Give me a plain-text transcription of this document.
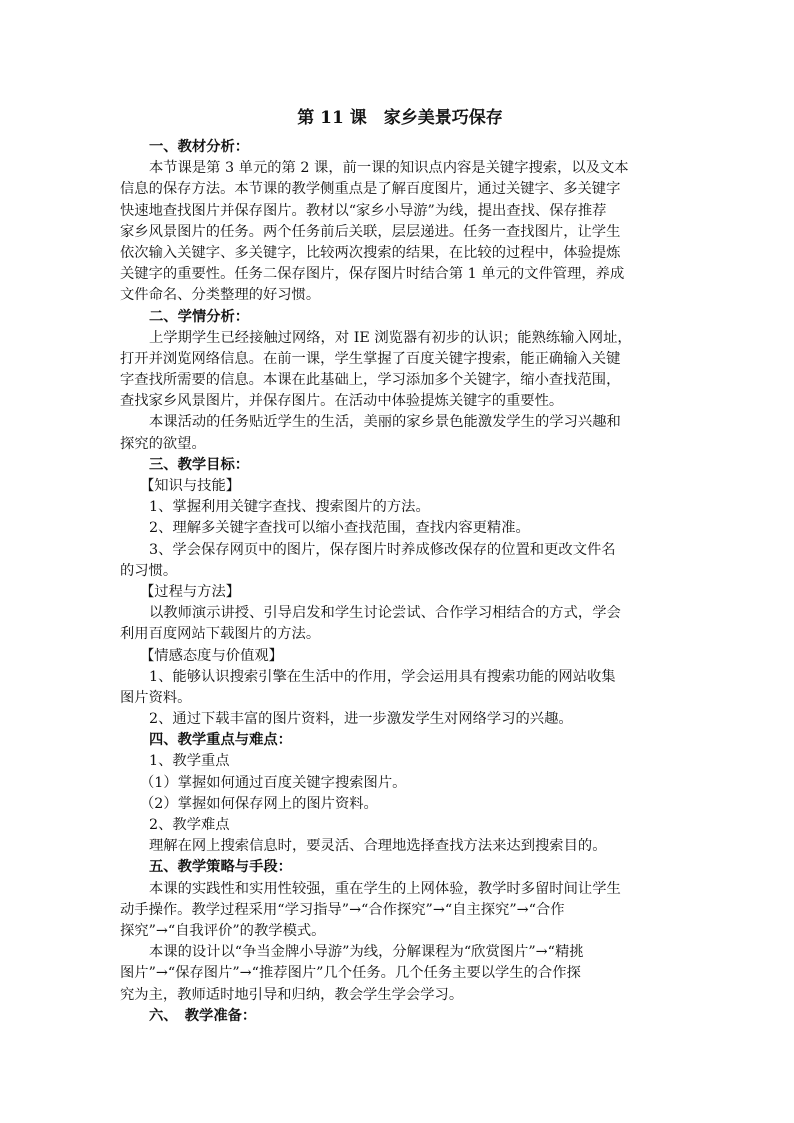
第 11 课　家乡美景巧保存
一、教材分析：
本节课是第 3 单元的第 2 课，前一课的知识点内容是关键字搜索，以及文本
信息的保存方法。本节课的教学侧重点是了解百度图片，通过关键字、多关键字
快速地查找图片并保存图片。教材以“家乡小导游”为线，提出查找、保存推荐
家乡风景图片的任务。两个任务前后关联，层层递进。任务一查找图片，让学生
依次输入关键字、多关键字，比较两次搜索的结果，在比较的过程中，体验提炼
关键字的重要性。任务二保存图片，保存图片时结合第 1 单元的文件管理，养成
文件命名、分类整理的好习惯。
二、学情分析：
上学期学生已经接触过网络，对 IE 浏览器有初步的认识；能熟练输入网址，
打开并浏览网络信息。在前一课，学生掌握了百度关键字搜索，能正确输入关键
字查找所需要的信息。本课在此基础上，学习添加多个关键字，缩小查找范围，
查找家乡风景图片，并保存图片。在活动中体验提炼关键字的重要性。
本课活动的任务贴近学生的生活，美丽的家乡景色能激发学生的学习兴趣和
探究的欲望。
三、教学目标：
【知识与技能】
1、掌握利用关键字查找、搜索图片的方法。
2、理解多关键字查找可以缩小查找范围，查找内容更精准。
3、学会保存网页中的图片，保存图片时养成修改保存的位置和更改文件名
的习惯。
【过程与方法】
以教师演示讲授、引导启发和学生讨论尝试、合作学习相结合的方式，学会
利用百度网站下载图片的方法。
【情感态度与价值观】
1、能够认识搜索引擎在生活中的作用，学会运用具有搜索功能的网站收集
图片资料。
2、通过下载丰富的图片资料，进一步激发学生对网络学习的兴趣。
四、教学重点与难点：
1、教学重点
（1）掌握如何通过百度关键字搜索图片。
（2）掌握如何保存网上的图片资料。
2、教学难点
理解在网上搜索信息时，要灵活、合理地选择查找方法来达到搜索目的。
五、教学策略与手段：
本课的实践性和实用性较强，重在学生的上网体验，教学时多留时间让学生
动手操作。教学过程采用“学习指导”→“合作探究”→“自主探究”→“合作
探究”→“自我评价”的教学模式。
本课的设计以“争当金牌小导游”为线，分解课程为“欣赏图片”→“精挑
图片”→“保存图片”→“推荐图片”几个任务。几个任务主要以学生的合作探
究为主，教师适时地引导和归纳，教会学生学会学习。
六、　教学准备：
